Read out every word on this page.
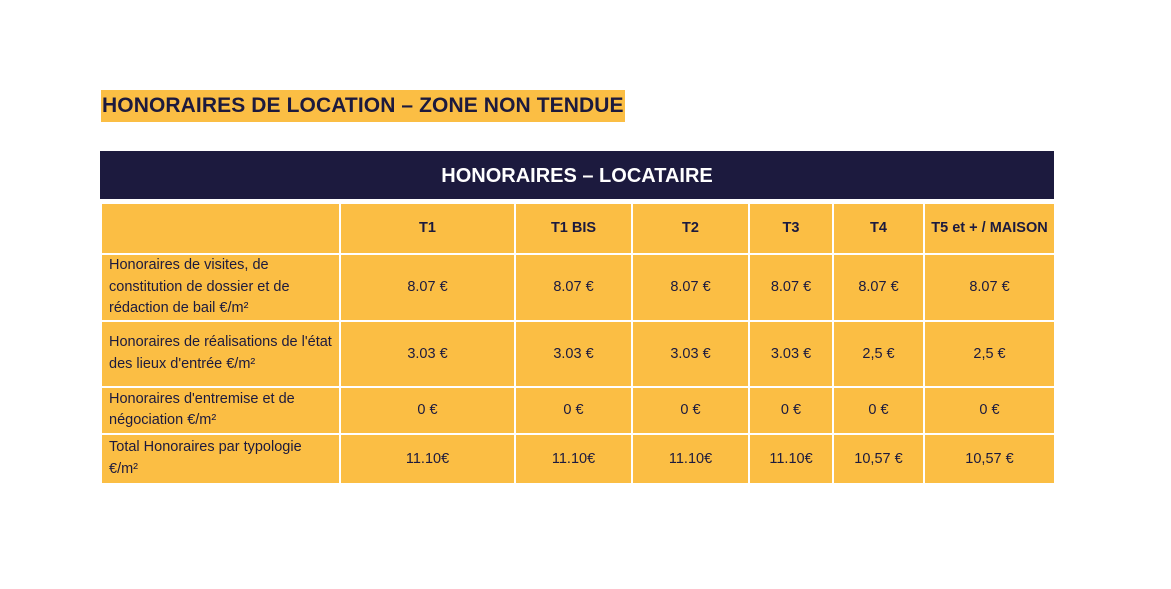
HONORAIRES DE LOCATION – ZONE NON TENDUE
HONORAIRES – LOCATAIRE
	T1	T1 BIS	T2	T3	T4	T5 et + / MAISON
Honoraires de visites, de constitution de dossier et de rédaction de bail €/m²	8.07 €	8.07 €	8.07 €	8.07 €	8.07 €	8.07 €
Honoraires de réalisations de l'état des lieux d'entrée €/m²	3.03 €	3.03 €	3.03 €	3.03 €	2,5 €	2,5 €
Honoraires d'entremise et de négociation €/m²	0 €	0 €	0 €	0 €	0 €	0 €
Total Honoraires par typologie €/m²	11.10€	11.10€	11.10€	11.10€	10,57 €	10,57 €
